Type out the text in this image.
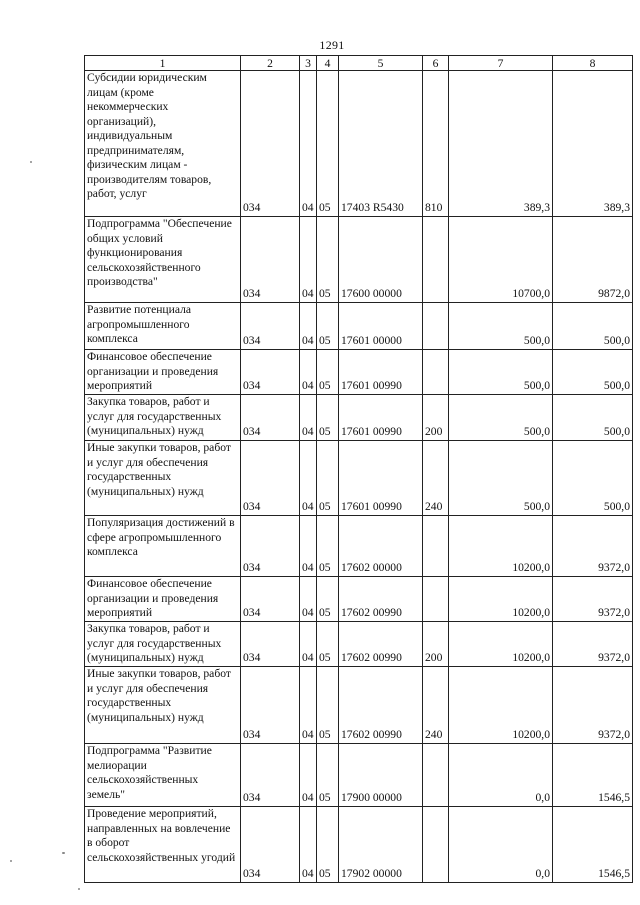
1291
1	2	3	4	5	6	7	8
Субсидии юридическим лицам (кроме некоммерческих организаций), индивидуальным предпринимателям, физическим лицам - производителям товаров, работ, услуг	034	04	05	17403 R5430	810	389,3	389,3
Подпрограмма "Обеспечение общих условий функционирования сельскохозяйственного производства"	034	04	05	17600 00000		10700,0	9872,0
Развитие потенциала агропромышленного комплекса	034	04	05	17601 00000		500,0	500,0
Финансовое обеспечение организации и проведения мероприятий	034	04	05	17601 00990		500,0	500,0
Закупка товаров, работ и услуг для государственных (муниципальных) нужд	034	04	05	17601 00990	200	500,0	500,0
Иные закупки товаров, работ и услуг для обеспечения государственных (муниципальных) нужд	034	04	05	17601 00990	240	500,0	500,0
Популяризация достижений в сфере агропромышленного комплекса	034	04	05	17602 00000		10200,0	9372,0
Финансовое обеспечение организации и проведения мероприятий	034	04	05	17602 00990		10200,0	9372,0
Закупка товаров, работ и услуг для государственных (муниципальных) нужд	034	04	05	17602 00990	200	10200,0	9372,0
Иные закупки товаров, работ и услуг для обеспечения государственных (муниципальных) нужд	034	04	05	17602 00990	240	10200,0	9372,0
Подпрограмма "Развитие мелиорации сельскохозяйственных земель"	034	04	05	17900 00000		0,0	1546,5
Проведение мероприятий, направленных на вовлечение в оборот сельскохозяйственных угодий	034	04	05	17902 00000		0,0	1546,5
